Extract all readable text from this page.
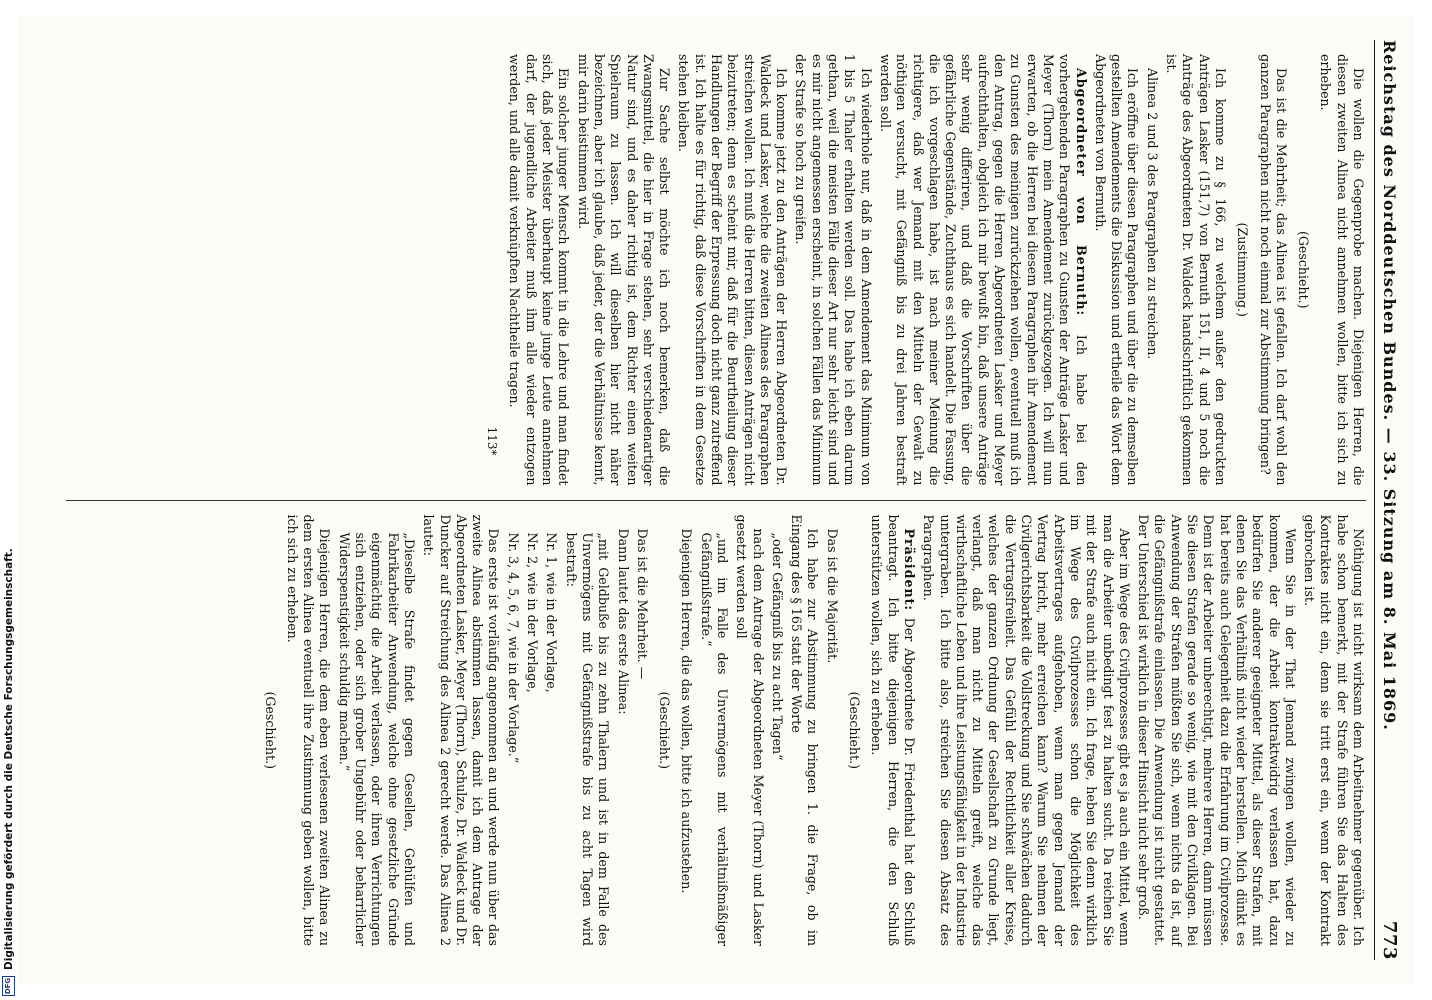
Reichstag des Norddeutschen Bundes. — 33. Sitzung am 8. Mai 1869.
773

Die wollen die Gegenprobe machen. Diejenigen Herren, die diesen zweiten Alinea nicht annehmen wollen, bitte ich sich zu erheben.

(Geschieht.)

Das ist die Mehrheit; das Alinea ist gefallen. Ich darf wohl den ganzen Paragraphen nicht noch einmal zur Abstimmung bringen?

(Zustimmung.)

Ich komme zu § 166, zu welchem außer den gedruckten Anträgen Lasker (151,7) von Bernuth 151, II, 4 und 5 noch die Anträge des Abgeordneten Dr. Waldeck handschriftlich gekommen ist.

Alinea 2 und 3 des Paragraphen zu streichen.

Ich eröffne über diesen Paragraphen und über die zu demselben gestellten Amendements die Diskussion und ertheile das Wort dem Abgeordneten von Bernuth.

Abgeordneter von Bernuth: Ich habe bei den vorhergehenden Paragraphen zu Gunsten der Anträge Lasker und Meyer (Thorn) mein Amendement zurückgezogen. Ich will nun erwarten, ob die Herren bei diesem Paragraphen ihr Amendement zu Gunsten des meinigen zurückziehen wollen, eventuell muß ich den Antrag, gegen die Herren Abgeordneten Lasker und Meyer aufrechthalten, obgleich ich mir bewußt bin, daß unsere Anträge sehr wenig differiren, und daß die Vorschriften über die gefährliche Gegenstände, Zuchthaus es sich handelt. Die Fassung, die ich vorgeschlagen habe, ist nach meiner Meinung die richtigere, daß wer Jemand mit den Mitteln der Gewalt zu nöthigen versucht, mit Gefängniß bis zu drei Jahren bestraft werden soll.

Ich wiederhole nur, daß in dem Amendement das Minimum von 1 bis 5 Thaler erhalten werden soll. Das habe ich eben darum gethan, weil die meisten Fälle dieser Art nur sehr leicht sind und es mir nicht angemessen erscheint, in solchen Fällen das Minimum der Strafe so hoch zu greifen.

Ich komme jetzt zu den Anträgen der Herren Abgeordneten Dr. Waldeck und Lasker, welche die zweiten Alineas des Paragraphen streichen wollen. Ich muß die Herren bitten, diesen Anträgen nicht beizutreten; denn es scheint mir, daß für die Beurtheilung dieser Handlungen der Begriff der Erpressung doch nicht ganz zutreffend ist. Ich halte es für richtig, daß diese Vorschriften in dem Gesetze stehen bleiben.

Zur Sache selbst möchte ich noch bemerken, daß die Zwangsmittel, die hier in Frage stehen, sehr verschiedenartiger Natur sind, und es daher richtig ist, dem Richter einen weiten Spielraum zu lassen. Ich will dieselben hier nicht näher bezeichnen, aber ich glaube, daß jeder, der die Verhältnisse kennt, mir darin beistimmen wird.

Ein solcher junger Mensch kommt in die Lehre und man findet sich, daß jeder Meister überhaupt keine junge Leute annehmen darf, der jugendliche Arbeiter muß ihm alle wieder entzogen werden, und alle damit verknüpften Nachtheile tragen.

113*

Nöthigung ist nicht wirksam dem Arbeitnehmer gegenüber. Ich habe schon bemerkt, mit der Strafe führen Sie das Halten des Kontraktes nicht ein, denn sie tritt erst ein, wenn der Kontrakt gebrochen ist.

Wenn Sie in der That Jemand zwingen wollen, wieder zu kommen, der die Arbeit kontraktwidrig verlassen hat, dazu bedürfen Sie anderer geeigneter Mittel, als dieser Strafen, mit denen Sie das Verhältniß nicht wieder herstellen. Mich dünkt es hat bereits auch Gelegenheit dazu die Erfahrung im Civilprozesse. Denn ist der Arbeiter unberechtigt, mehrere Herren, dann müssen Sie diesen Strafen gerade so wenig, wie mit den Civilklagen. Bei Anwendung der Strafen müßten Sie sich, wenn nichts da ist, auf die Gefängnißstrafe einlassen. Die Anwendung ist nicht gestattet. Der Unterschied ist wirklich in dieser Hinsicht nicht sehr groß.

Aber im Wege des Civilprozesses gibt es ja auch ein Mittel, wenn man die Arbeiter unbedingt fest zu halten sucht. Da reichen Sie mit der Strafe auch nicht ein. Ich frage, heben Sie denn wirklich im Wege des Civilprozesses schon die Möglichkeit des Arbeitsvertrages aufgehoben, wenn man gegen Jemand der Vertrag bricht, mehr erreichen kann? Warum Sie nehmen der Civilgerichtsbarkeit die Vollstreckung und Sie schwächen dadurch die Vertragsfreiheit. Das Gefühl der Rechtlichkeit aller Kreise, welches der ganzen Ordnung der Gesellschaft zu Grunde liegt, verlangt, daß man nicht zu Mitteln greift, welche das wirthschaftliche Leben und ihre Leistungsfähigkeit in der Industrie untergraben. Ich bitte also, streichen Sie diesen Absatz des Paragraphen.

Präsident: Der Abgeordnete Dr. Friedenthal hat den Schluß beantragt. Ich bitte diejenigen Herren, die den Schluß unterstützen wollen, sich zu erheben.

(Geschieht.)

Das ist die Majorität.

Ich habe zur Abstimmung zu bringen 1. die Frage, ob im Eingang des § 165 statt der Worte

„oder Gefängniß bis zu acht Tagen“

nach dem Antrage der Abgeordneten Meyer (Thorn) und Lasker gesetzt werden soll

„und im Falle des Unvermögens mit verhältnißmäßiger Gefängnißstrafe.“

Diejenigen Herren, die das wollen, bitte ich aufzustehen.

(Geschieht.)

Das ist die Mehrheit. —

Dann lautet das erste Alinea:

„mit Geldbuße bis zu zehn Thalern und ist in dem Falle des Unvermögens mit Gefängnißstrafe bis zu acht Tagen wird bestraft:

Nr. 1, wie in der Vorlage,

Nr. 2, wie in der Vorlage,

Nr. 3, 4, 5, 6, 7, wie in der Vorlage.“

Das erste ist vorläufig angenommen an und werde nun über das zweite Alinea abstimmen lassen, damit ich dem Antrage der Abgeordneten Lasker, Meyer (Thorn), Schulze, Dr. Waldeck und Dr. Duncker auf Streichung des Alinea 2 gerecht werde. Das Alinea 2 lautet:

„Dieselbe Strafe findet gegen Gesellen, Gehülfen und Fabrikarbeiter Anwendung, welche ohne gesetzliche Gründe eigenmächtig die Arbeit verlassen, oder ihren Verrichtungen sich entziehen, oder sich grober Ungebühr oder beharrlicher Widerspenstigkeit schuldig machen.“

Diejenigen Herren, die dem eben verlesenen zweiten Alinea zu dem ersten Alinea eventuell ihre Zustimmung geben wollen, bitte ich sich zu erheben.

(Geschieht.)

DFG
Digitalisierung gefördert durch die Deutsche Forschungsgemeinschaft.
